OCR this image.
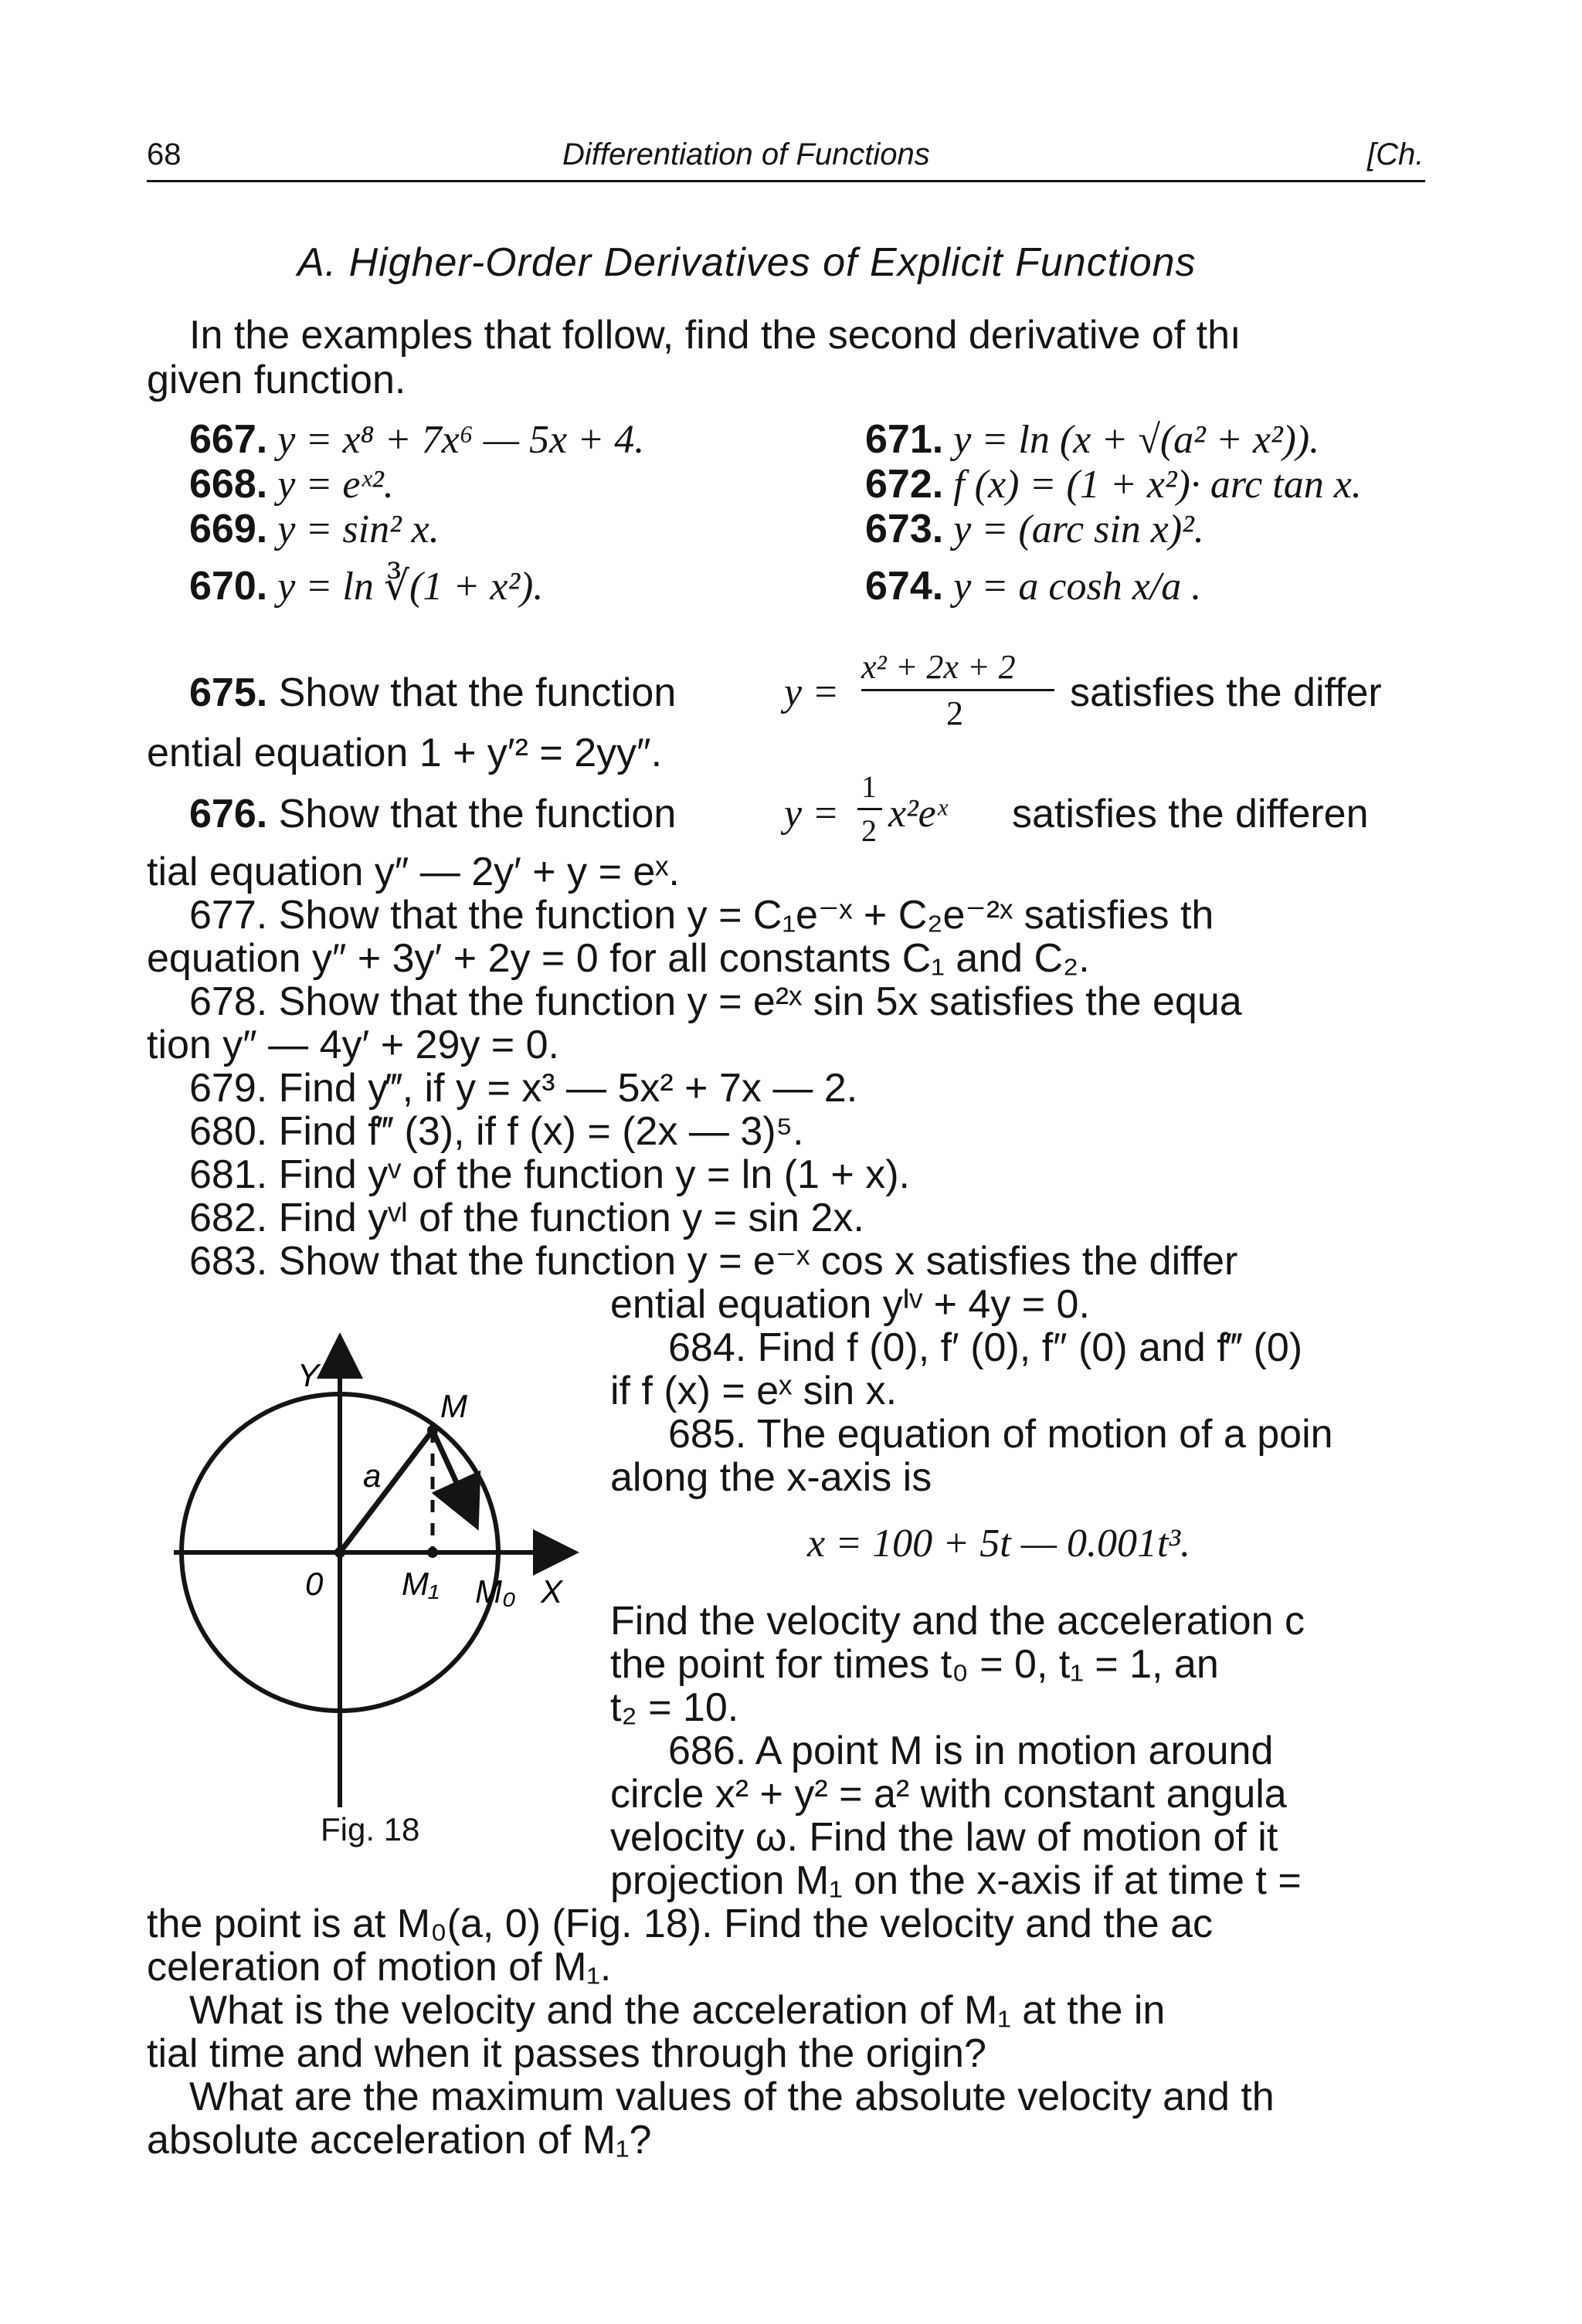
68	Differentiation of Functions	[Ch.
A. Higher-Order Derivatives of Explicit Functions
In the examples that follow, find the second derivative of thı
given function.
667. y = x⁸ + 7x⁶ — 5x + 4.
668. y = eˣ².
669. y = sin² x.
670. y = ln ∛(1 + x²).
671. y = ln (x + √(a² + x²)).
672. f (x) = (1 + x²)· arc tan x.
673. y = (arc sin x)².
674. y = a cosh x/a .
675. Show that the function	y =
x² + 2x + 2
2	satisfies the differ
ential equation 1 + y′² = 2yy″.
676. Show that the function	y =
1
2 x²eˣ satisfies the differen
tial equation y″ — 2y′ + y = eˣ.
677. Show that the function y = C₁e⁻ˣ + C₂e⁻²ˣ satisfies th
equation y″ + 3y′ + 2y = 0 for all constants C₁ and C₂.
678. Show that the function y = e²ˣ sin 5x satisfies the equa
tion y″ — 4y′ + 29y = 0.
679. Find y‴, if y = x³ — 5x² + 7x — 2.
680. Find f‴ (3), if f (x) = (2x — 3)⁵.
681. Find yᵛ of the function y = ln (1 + x).
682. Find yᵛᴵ of the function y = sin 2x.
683. Show that the function y = e⁻ˣ cos x satisfies the differ
ential equation yᴵᵛ + 4y = 0.
684. Find f (0), f′ (0), f″ (0) and f‴ (0)
if f (x) = eˣ sin x.
685. The equation of motion of a poin
along the x-axis is
x = 100 + 5t — 0.001t³.
Find the velocity and the acceleration c
the point for times t₀ = 0, t₁ = 1, an
t₂ = 10.
686. A point M is in motion around
circle x² + y² = a² with constant angula
velocity ω. Find the law of motion of it
projection M₁ on the x-axis if at time t =
the point is at M₀(a, 0) (Fig. 18). Find the velocity and the ac
celeration of motion of M₁.
What is the velocity and the acceleration of M₁ at the in
tial time and when it passes through the origin?
What are the maximum values of the absolute velocity and th
absolute acceleration of M₁?
Y
X
0
M
a
M₁ M₀
Fig. 18
